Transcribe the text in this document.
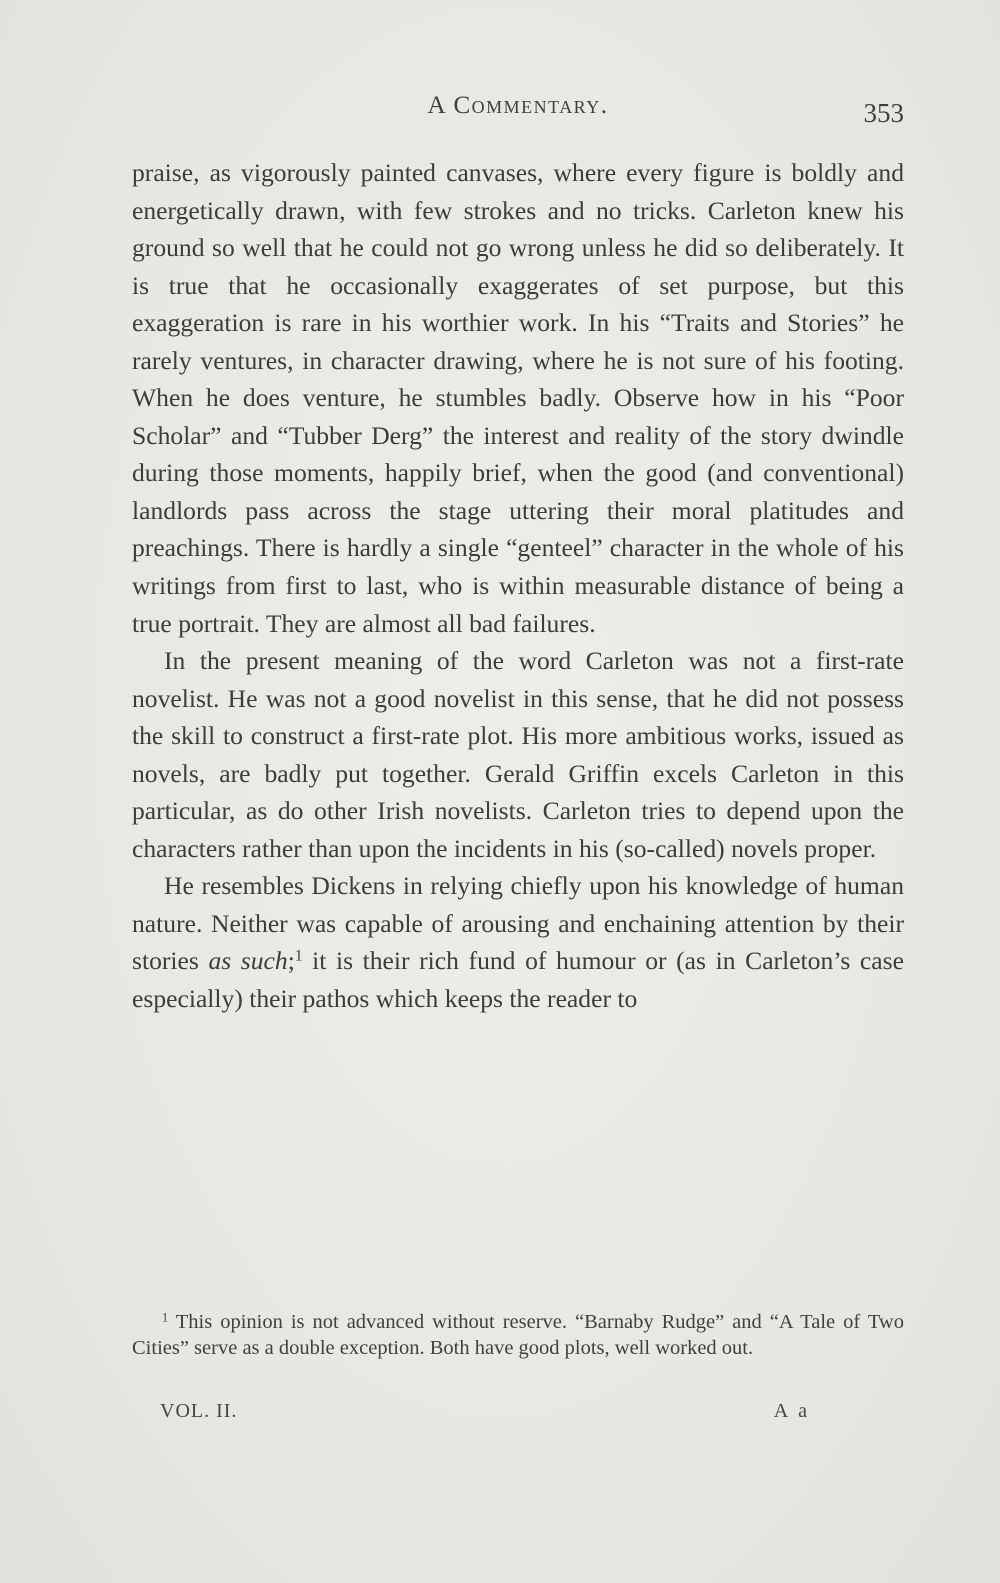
A Commentary.	353

praise, as vigorously painted canvases, where every figure is boldly and energetically drawn, with few strokes and no tricks. Carleton knew his ground so well that he could not go wrong unless he did so deliberately. It is true that he occasionally exaggerates of set purpose, but this exaggeration is rare in his worthier work. In his “Traits and Stories” he rarely ventures, in character drawing, where he is not sure of his footing. When he does venture, he stumbles badly. Observe how in his “Poor Scholar” and “Tubber Derg” the interest and reality of the story dwindle during those moments, happily brief, when the good (and conventional) landlords pass across the stage uttering their moral platitudes and preachings. There is hardly a single “genteel” character in the whole of his writings from first to last, who is within measurable distance of being a true portrait. They are almost all bad failures.

In the present meaning of the word Carleton was not a first-rate novelist. He was not a good novelist in this sense, that he did not possess the skill to construct a first-rate plot. His more ambitious works, issued as novels, are badly put together. Gerald Griffin excels Carleton in this particular, as do other Irish novelists. Carleton tries to depend upon the characters rather than upon the incidents in his (so-called) novels proper.

He resembles Dickens in relying chiefly upon his knowledge of human nature. Neither was capable of arousing and enchaining attention by their stories as such;$^1$ it is their rich fund of humour or (as in Carleton’s case especially) their pathos which keeps the reader to

$^1$ This opinion is not advanced without reserve. “Barnaby Rudge” and “A Tale of Two Cities” serve as a double exception. Both have good plots, well worked out.
VOL. II.	A a
